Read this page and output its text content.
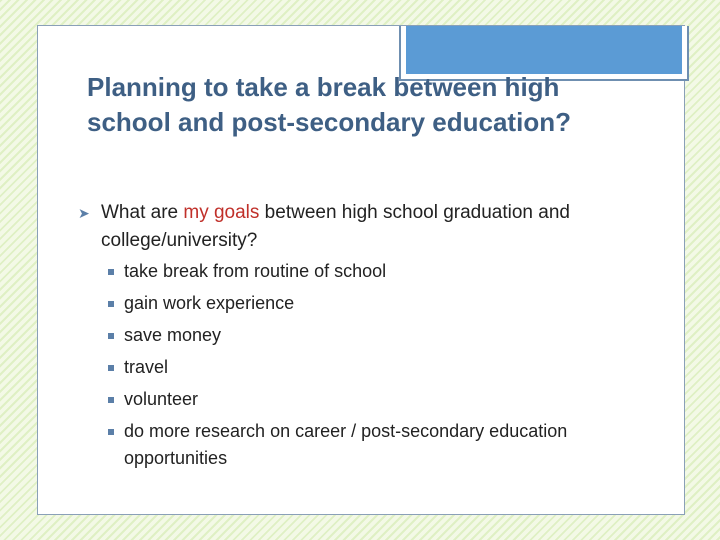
Planning to take a break between high school and post-secondary education?
➤ What are my goals between high school graduation and college/university?
take break from routine of school
gain work experience
save money
travel
volunteer
do more research on career / post-secondary education opportunities
